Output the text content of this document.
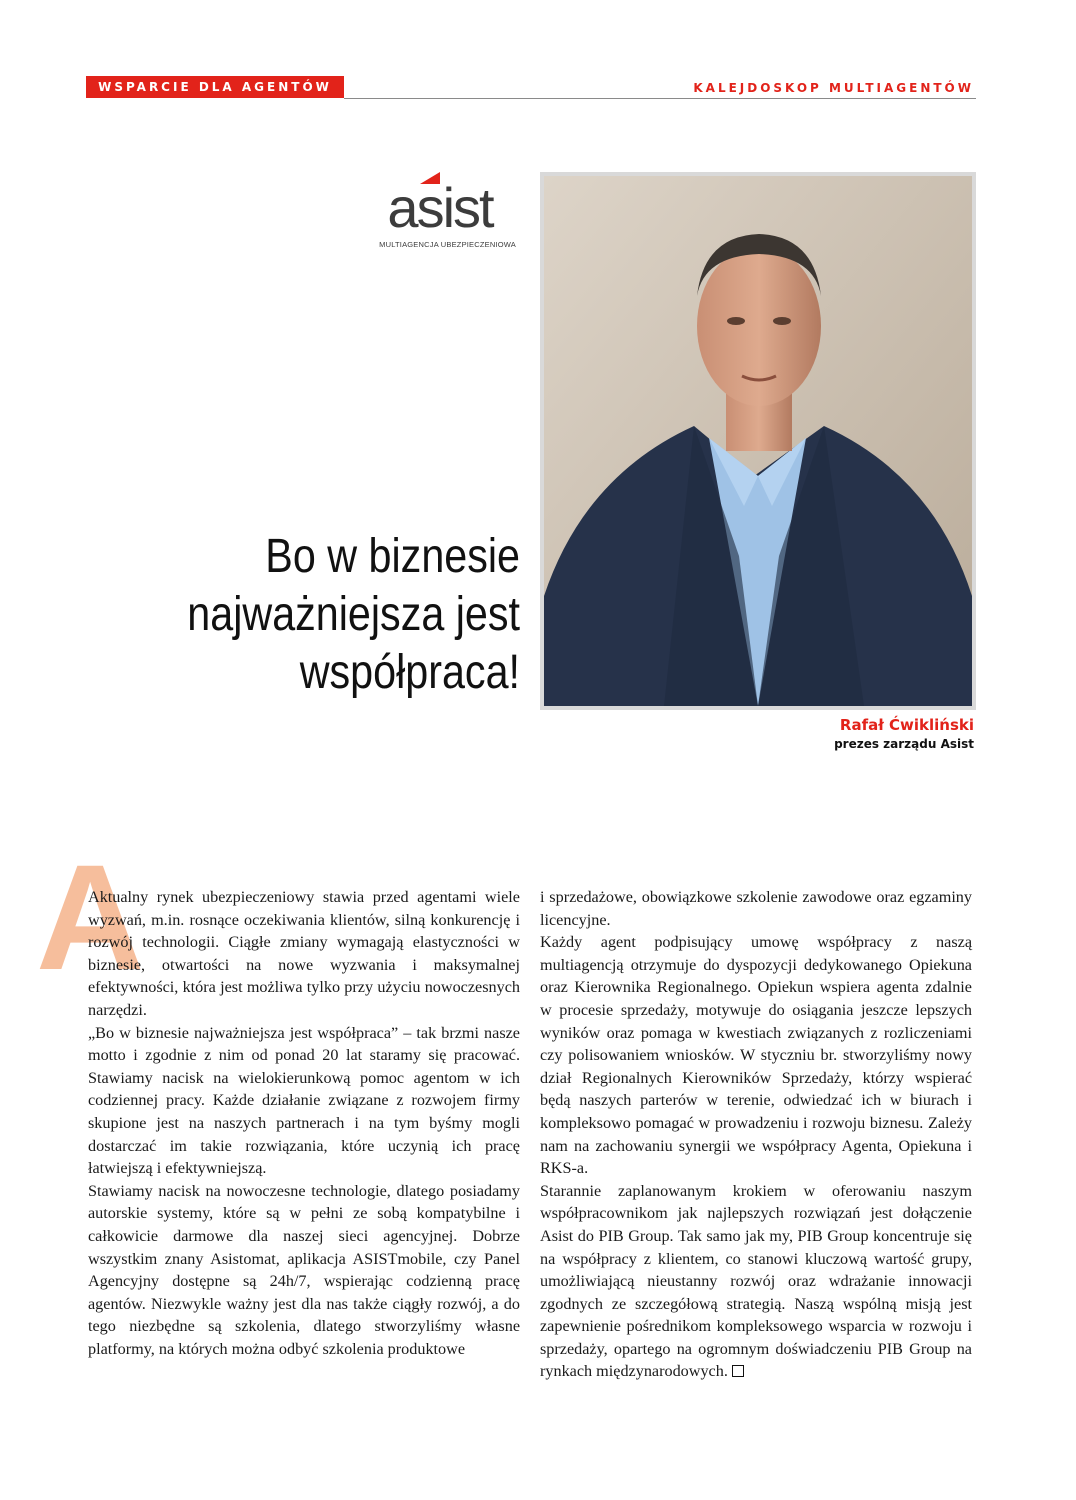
WSPARCIE DLA AGENTÓW	KALEJDOSKOP MULTIAGENTÓW
asist
MULTIAGENCJA UBEZPIECZENIOWA
Bo w biznesie
najważniejsza jest
współpraca!
Rafał Ćwikliński
prezes zarządu Asist
A

Aktualny rynek ubezpieczeniowy stawia przed agentami wiele wyzwań, m.in. rosnące oczekiwania klientów, silną konkurencję i rozwój technologii. Ciągłe zmiany wymagają elastyczności w biznesie, otwartości na nowe wyzwania i maksymalnej efektywności, która jest możliwa tylko przy użyciu nowoczesnych narzędzi.

„Bo w biznesie najważniejsza jest współpraca” – tak brzmi nasze motto i zgodnie z nim od ponad 20 lat staramy się pracować. Stawiamy nacisk na wielokierunkową pomoc agentom w ich codziennej pracy. Każde działanie związane z rozwojem firmy skupione jest na naszych partnerach i na tym byśmy mogli dostarczać im takie rozwiązania, które uczynią ich pracę łatwiejszą i efektywniejszą.

Stawiamy nacisk na nowoczesne technologie, dlatego posiadamy autorskie systemy, które są w pełni ze sobą kompatybilne i całkowicie darmowe dla naszej sieci agencyjnej. Dobrze wszystkim znany Asistomat, aplikacja ASISTmobile, czy Panel Agencyjny dostępne są 24h/7, wspierając codzienną pracę agentów. Niezwykle ważny jest dla nas także ciągły rozwój, a do tego niezbędne są szkolenia, dlatego stworzyliśmy własne platformy, na których można odbyć szkolenia produktowe

i sprzedażowe, obowiązkowe szkolenie zawodowe oraz egzaminy licencyjne.

Każdy agent podpisujący umowę współpracy z naszą multiagencją otrzymuje do dyspozycji dedykowanego Opiekuna oraz Kierownika Regionalnego. Opiekun wspiera agenta zdalnie w procesie sprzedaży, motywuje do osiągania jeszcze lepszych wyników oraz pomaga w kwestiach związanych z rozliczeniami czy polisowaniem wniosków. W styczniu br. stworzyliśmy nowy dział Regionalnych Kierowników Sprzedaży, którzy wspierać będą naszych parterów w terenie, odwiedzać ich w biurach i kompleksowo pomagać w prowadzeniu i rozwoju biznesu. Zależy nam na zachowaniu synergii we współpracy Agenta, Opiekuna i RKS-a.

Starannie zaplanowanym krokiem w oferowaniu naszym współpracownikom jak najlepszych rozwiązań jest dołączenie Asist do PIB Group. Tak samo jak my, PIB Group koncentruje się na współpracy z klientem, co stanowi kluczową wartość grupy, umożliwiającą nieustanny rozwój oraz wdrażanie innowacji zgodnych ze szczegółową strategią. Naszą wspólną misją jest zapewnienie pośrednikom kompleksowego wsparcia w rozwoju i sprzedaży, opartego na ogromnym doświadczeniu PIB Group na rynkach międzynarodowych.
